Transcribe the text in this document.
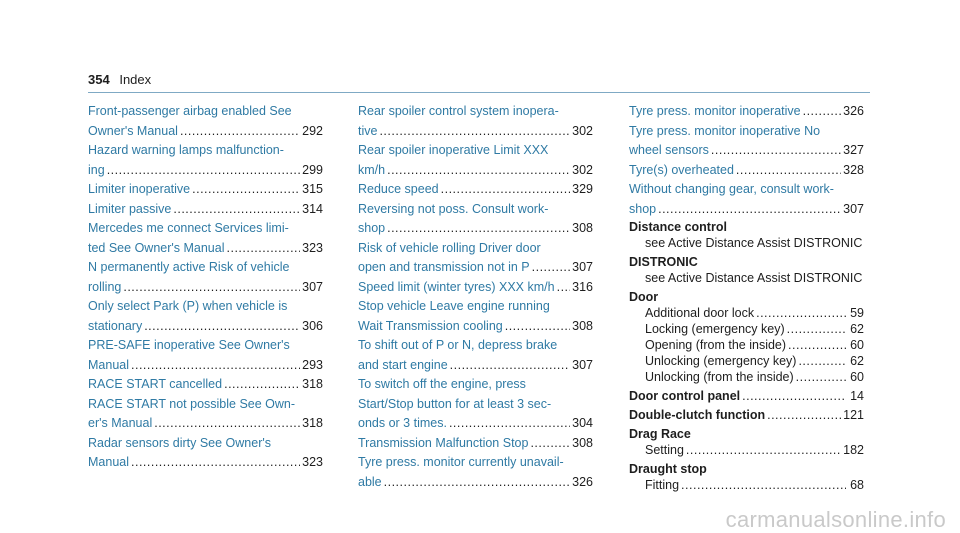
354 Index
Front-passenger airbag enabled See
Owner's Manual .....	292
Hazard warning lamps malfunction-
ing .....	299
Limiter inoperative .....	315
Limiter passive .....	314
Mercedes me connect Services limi-
ted See Owner's Manual .....	323
N permanently active Risk of vehicle
rolling .....	307
Only select Park (P) when vehicle is
stationary .....	306
PRE-SAFE inoperative See Owner's
Manual .....	293
RACE START cancelled .....	318
RACE START not possible See Own-
er's Manual .....	318
Radar sensors dirty See Owner's
Manual .....	323
Rear spoiler control system inopera-
tive .....	302
Rear spoiler inoperative Limit XXX
km/h .....	302
Reduce speed .....	329
Reversing not poss. Consult work-
shop .....	308
Risk of vehicle rolling Driver door
open and transmission not in P .....	307
Speed limit (winter tyres) XXX km/h ..... 316
Stop vehicle Leave engine running
Wait Transmission cooling .....	308
To shift out of P or N, depress brake
and start engine .....	307
To switch off the engine, press
Start/Stop button for at least 3 sec-
onds or 3 times. .....	304
Transmission Malfunction Stop .....	308
Tyre press. monitor currently unavail-
able .....	326
Tyre press. monitor inoperative .....	326
Tyre press. monitor inoperative No
wheel sensors .....	327
Tyre(s) overheated .....	328
Without changing gear, consult work-
shop .....	307
Distance control
see Active Distance Assist DISTRONIC
DISTRONIC
see Active Distance Assist DISTRONIC
Door
Additional door lock .....	59
Locking (emergency key) .....	62
Opening (from the inside) .....	60
Unlocking (emergency key) .....	62
Unlocking (from the inside) .....	60
Door control panel .....	14
Double-clutch function .....	121
Drag Race
Setting .....	182
Draught stop
Fitting .....	68
carmanualsonline.info
